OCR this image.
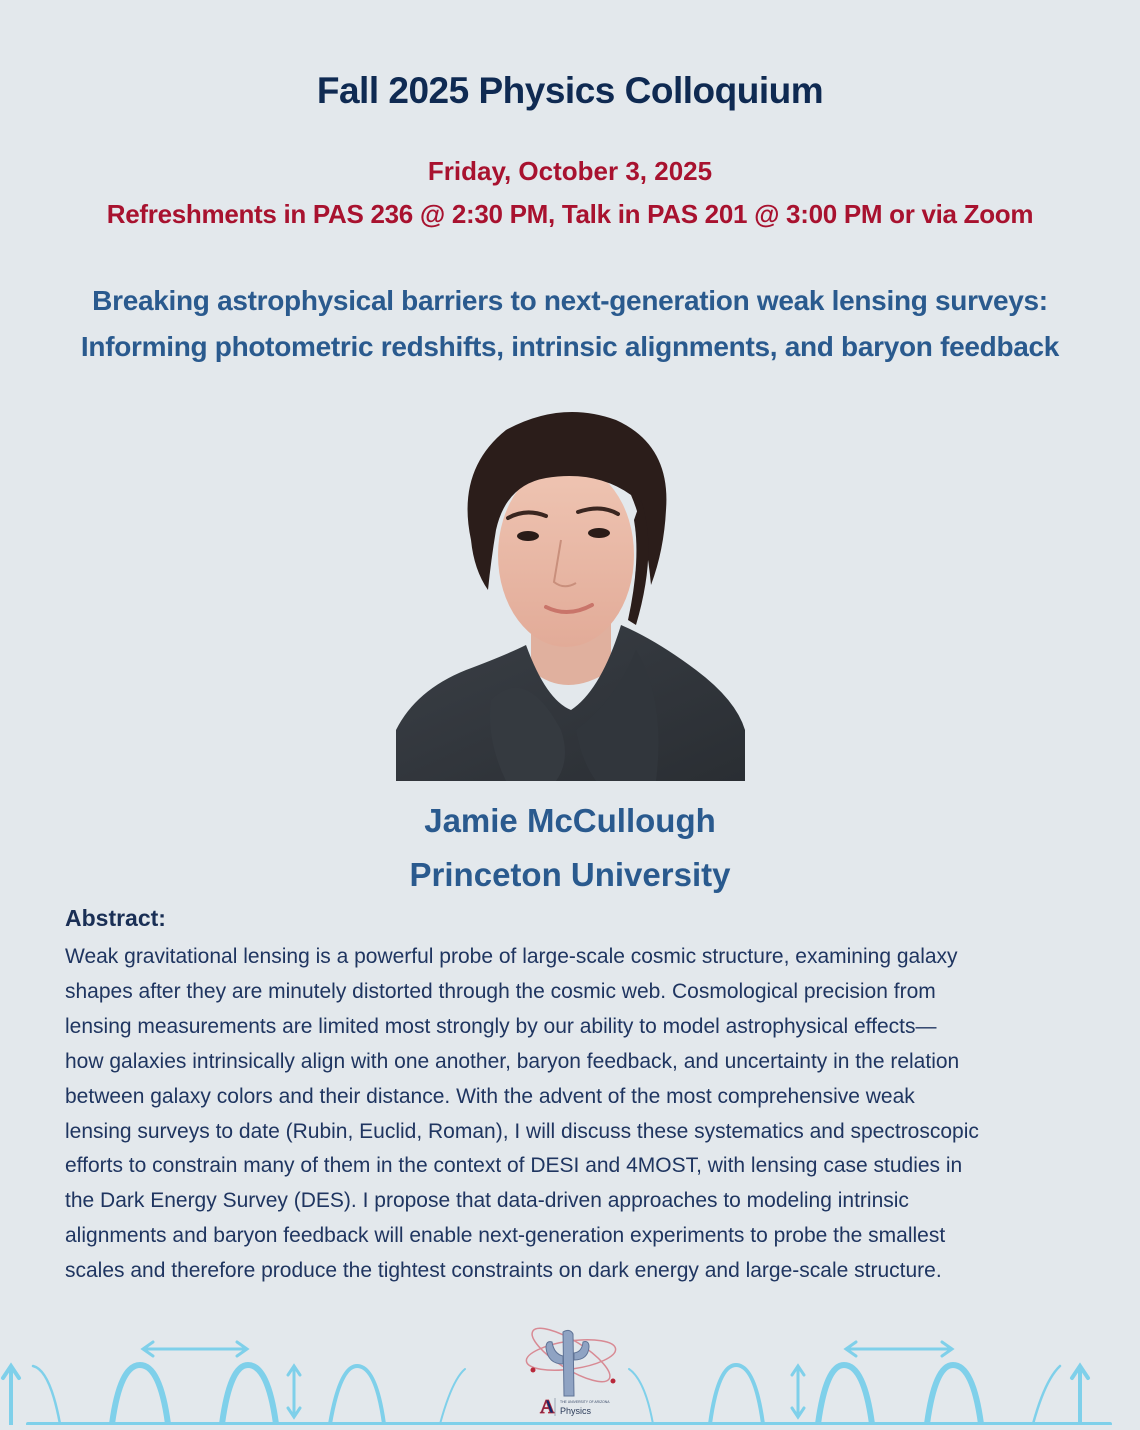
Fall 2025 Physics Colloquium
Friday, October 3, 2025
Refreshments in PAS 236 @ 2:30 PM, Talk in PAS 201 @ 3:00 PM or via Zoom
Breaking astrophysical barriers to next-generation weak lensing surveys:
Informing photometric redshifts, intrinsic alignments, and baryon feedback
Jamie McCullough
Princeton University
Abstract:
Weak gravitational lensing is a powerful probe of large-scale cosmic structure, examining galaxy
shapes after they are minutely distorted through the cosmic web. Cosmological precision from
lensing measurements are limited most strongly by our ability to model astrophysical effects—
how galaxies intrinsically align with one another, baryon feedback, and uncertainty in the relation
between galaxy colors and their distance. With the advent of the most comprehensive weak
lensing surveys to date (Rubin, Euclid, Roman), I will discuss these systematics and spectroscopic
efforts to constrain many of them in the context of DESI and 4MOST, with lensing case studies in
the Dark Energy Survey (DES). I propose that data-driven approaches to modeling intrinsic
alignments and baryon feedback will enable next-generation experiments to probe the smallest
scales and therefore produce the tightest constraints on dark energy and large-scale structure.
A THE UNIVERSITY OF ARIZONA
Physics
